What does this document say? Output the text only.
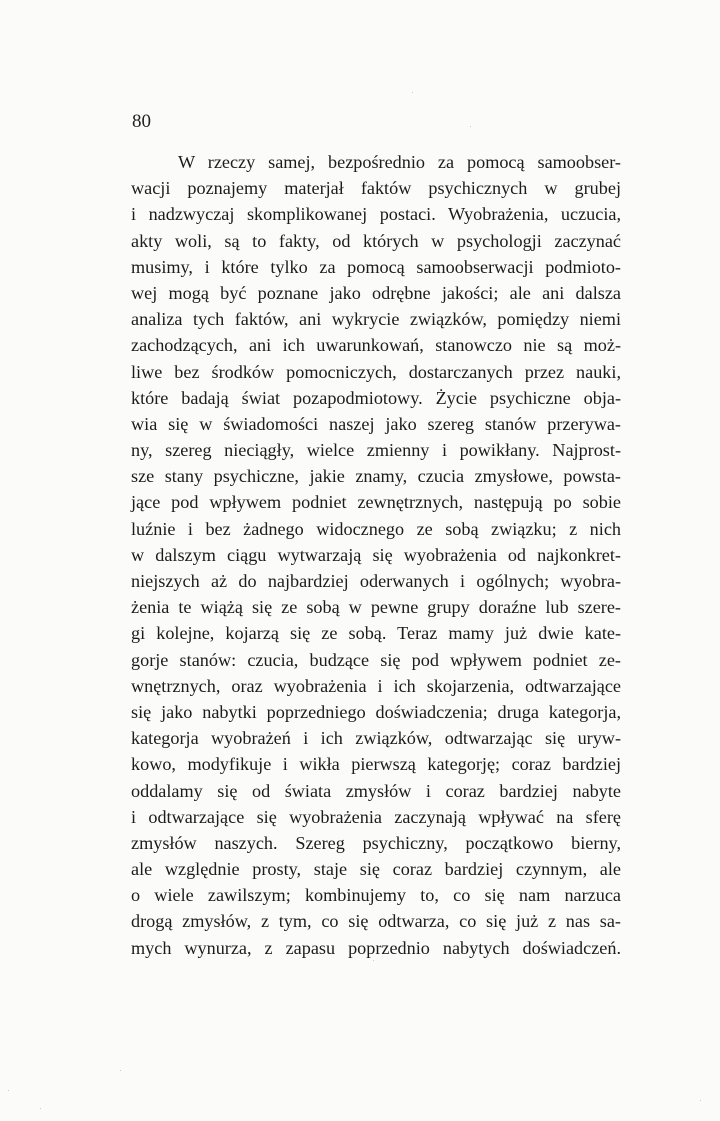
80
W rzeczy samej, bezpośrednio za pomocą samoobser-
wacji poznajemy materjał faktów psychicznych w grubej
i nadzwyczaj skomplikowanej postaci. Wyobrażenia, uczucia,
akty woli, są to fakty, od których w psychologji zaczynać
musimy, i które tylko za pomocą samoobserwacji podmioto-
wej mogą być poznane jako odrębne jakości; ale ani dalsza
analiza tych faktów, ani wykrycie związków, pomiędzy niemi
zachodzących, ani ich uwarunkowań, stanowczo nie są moż-
liwe bez środków pomocniczych, dostarczanych przez nauki,
które badają świat pozapodmiotowy. Życie psychiczne obja-
wia się w świadomości naszej jako szereg stanów przerywa-
ny, szereg nieciągły, wielce zmienny i powikłany. Najprost-
sze stany psychiczne, jakie znamy, czucia zmysłowe, powsta-
jące pod wpływem podniet zewnętrznych, następują po sobie
luźnie i bez żadnego widocznego ze sobą związku; z nich
w dalszym ciągu wytwarzają się wyobrażenia od najkonkret-
niejszych aż do najbardziej oderwanych i ogólnych; wyobra-
żenia te wiążą się ze sobą w pewne grupy doraźne lub szere-
gi kolejne, kojarzą się ze sobą. Teraz mamy już dwie kate-
gorje stanów: czucia, budzące się pod wpływem podniet ze-
wnętrznych, oraz wyobrażenia i ich skojarzenia, odtwarzające
się jako nabytki poprzedniego doświadczenia; druga kategorja,
kategorja wyobrażeń i ich związków, odtwarzając się uryw-
kowo, modyfikuje i wikła pierwszą kategorję; coraz bardziej
oddalamy się od świata zmysłów i coraz bardziej nabyte
i odtwarzające się wyobrażenia zaczynają wpływać na sferę
zmysłów naszych. Szereg psychiczny, początkowo bierny,
ale względnie prosty, staje się coraz bardziej czynnym, ale
o wiele zawilszym; kombinujemy to, co się nam narzuca
drogą zmysłów, z tym, co się odtwarza, co się już z nas sa-
mych wynurza, z zapasu poprzednio nabytych doświadczeń.
